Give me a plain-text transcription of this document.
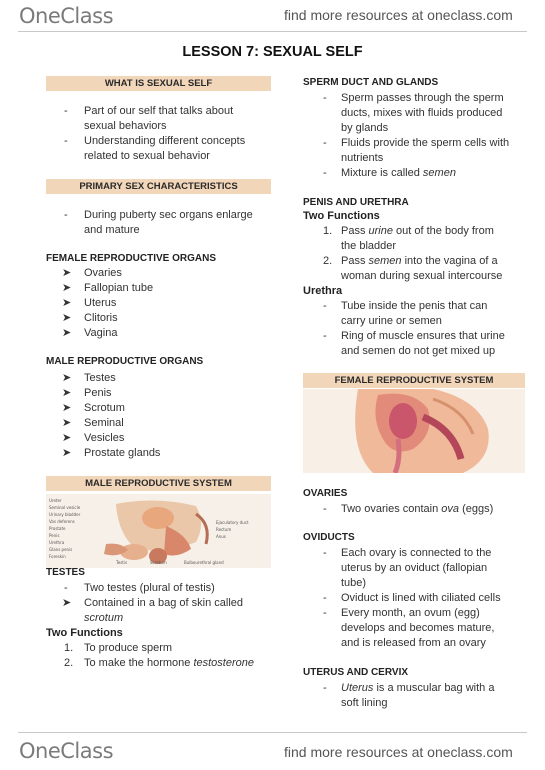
OneClass	find more resources at oneclass.com
LESSON 7: SEXUAL SELF
WHAT IS SEXUAL SELF
- Part of our self that talks about
sexual behaviors
- Understanding different concepts
related to sexual behavior
PRIMARY SEX CHARACTERISTICS
- During puberty sec organs enlarge
and mature
FEMALE REPRODUCTIVE ORGANS
➤ Ovaries
➤ Fallopian tube
➤ Uterus
➤ Clitoris
➤ Vagina
MALE REPRODUCTIVE ORGANS
➤ Testes
➤ Penis
➤ Scrotum
➤ Seminal
➤ Vesicles
➤ Prostate glands
MALE REPRODUCTIVE SYSTEM
Ureter
Seminal vesicle
Urinary bladder
Vas deferens
Prostate
Penis
Urethra
Glans penis
Foreskin
Ejaculatory duct
Rectum
Anus
Testis	Scrotum	Bulbourethral gland
TESTES
- Two testes (plural of testis)
➤ Contained in a bag of skin called
scrotum
Two Functions
1. To produce sperm
2. To make the hormone testosterone
SPERM DUCT AND GLANDS
- Sperm passes through the sperm
ducts, mixes with fluids produced
by glands
- Fluids provide the sperm cells with
nutrients
- Mixture is called semen
PENIS AND URETHRA
Two Functions
1. Pass urine out of the body from
the bladder
2. Pass semen into the vagina of a
woman during sexual intercourse
Urethra
- Tube inside the penis that can
carry urine or semen
- Ring of muscle ensures that urine
and semen do not get mixed up
FEMALE REPRODUCTIVE SYSTEM
OVARIES
- Two ovaries contain ova (eggs)
OVIDUCTS
- Each ovary is connected to the
uterus by an oviduct (fallopian
tube)
- Oviduct is lined with ciliated cells
- Every month, an ovum (egg)
develops and becomes mature,
and is released from an ovary
UTERUS AND CERVIX
- Uterus is a muscular bag with a
soft lining
OneClass	find more resources at oneclass.com
